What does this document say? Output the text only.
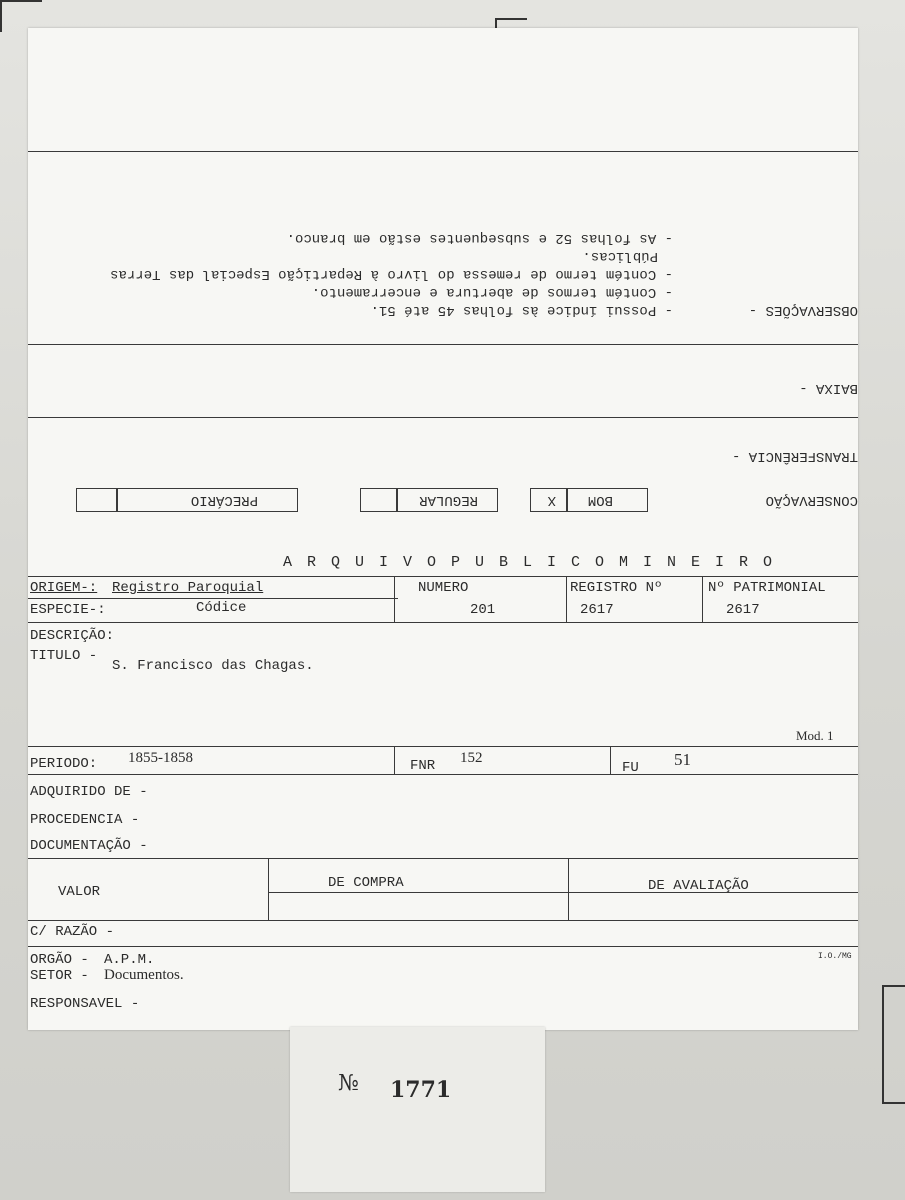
CONSERVAÇÃO
BOM
X
REGULAR
PRECÁRIO
TRANSFERÊNCIA -
BAIXA -
OBSERVAÇÕES -
- Possui índice às folhas 45 até 51.
- Contém termos de abertura e encerramento.
- Contém termo de remessa do livro à Repartição Especial das Terras
Públicas.
- As folhas 52 e subsequentes estão em branco.
A R Q U I V O P U B L I C O M I N E I R O
ORIGEM-: Registro Paroquial	NUMERO	REGISTRO Nº	Nº PATRIMONIAL
ESPECIE-:	Códice	201	2617	2617
DESCRIÇÃO:
TITULO -
S. Francisco das Chagas.
Mod. 1
PERIODO: 1855-1858	FNR 152
FU 51
ADQUIRIDO DE -
PROCEDENCIA -
DOCUMENTAÇÃO -
VALOR
DE COMPRA	DE AVALIAÇÃO
C/ RAZÃO -
ORGÃO - A.P.M.	I.O./MG
SETOR - Documentos.
RESPONSAVEL -
№ 1771
